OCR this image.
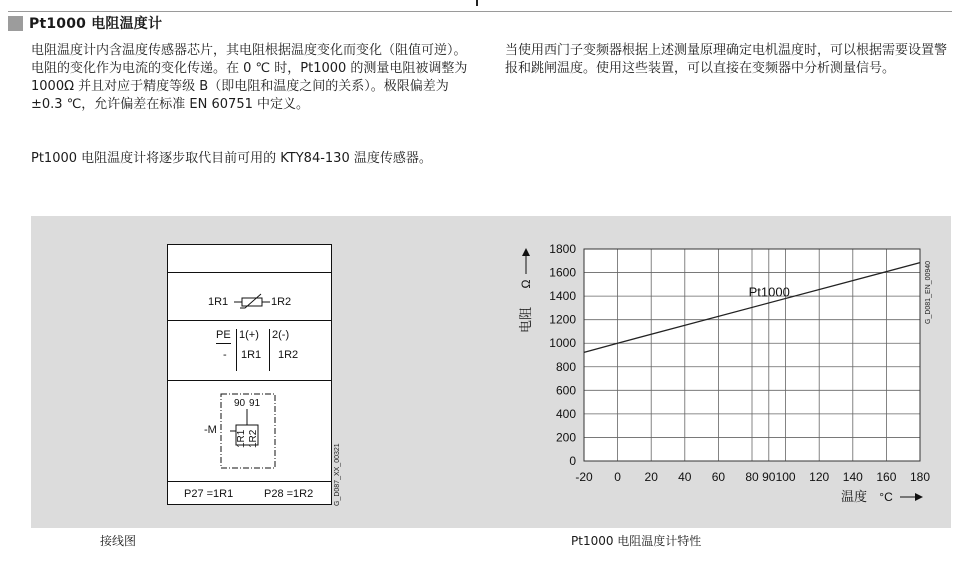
Pt1000 电阻温度计

电阻温度计内含温度传感器芯片，其电阻根据温度变化而变化（阻值可逆）。电阻的变化作为电流的变化传递。在 0 ℃ 时，Pt1000 的测量电阻被调整为 1000Ω 并且对应于精度等级 B（即电阻和温度之间的关系）。极限偏差为 ±0.3 ℃，允许偏差在标准 EN 60751 中定义。

Pt1000 电阻温度计将逐步取代目前可用的 KTY84-130 温度传感器。

当使用西门子变频器根据上述测量原理确定电机温度时，可以根据需要设置警报和跳闸温度。使用这些装置，可以直接在变频器中分析测量信号。

1R1	1R2
PE 1(+) 2(-)
- 1R1 1R2
-M
90 91
1R1 1R2
P27 =1R1	P28 =1R2	G_D087_XX_00321	-20 0 20 40 60 80 90 100 120 140 160 180
0
200
400
600
800
1000
1200
1400
1600
1800
Pt1000
电阻
Ω
温度 °C
G_D081_EN_00940
接线图	Pt1000 电阻温度计特性
